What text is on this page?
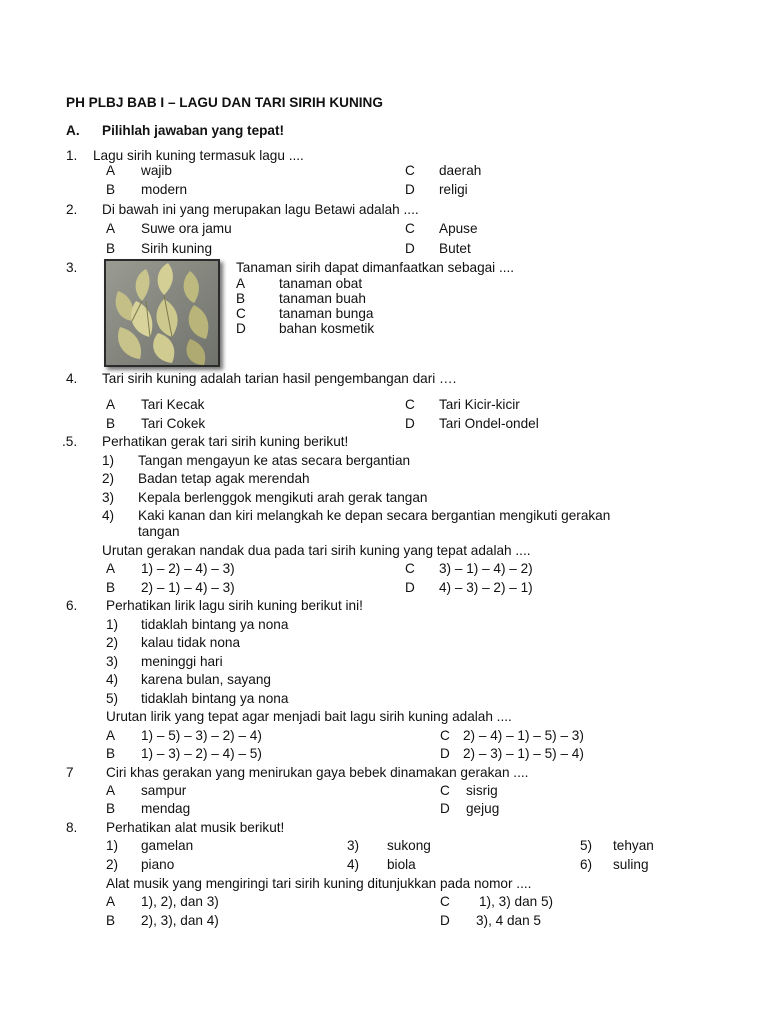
PH PLBJ BAB I – LAGU DAN TARI SIRIH KUNING
A. Pilihlah jawaban yang tepat!
1. Lagu sirih kuning termasuk lagu ....
A wajib
B modern
C daerah
D religi
2. Di bawah ini yang merupakan lagu Betawi adalah ....
A Suwe ora jamu
B Sirih kuning
C Apuse
D Butet
3.	Tanaman sirih dapat dimanfaatkan sebagai ....
A tanaman obat
B tanaman buah
C tanaman bunga
D bahan kosmetik
4. Tari sirih kuning adalah tarian hasil pengembangan dari ….
A Tari Kecak
B Tari Cokek
C Tari Kicir-kicir
D Tari Ondel-ondel
.5. Perhatikan gerak tari sirih kuning berikut!
1) Tangan mengayun ke atas secara bergantian
2) Badan tetap agak merendah
3) Kepala berlenggok mengikuti arah gerak tangan
4) Kaki kanan dan kiri melangkah ke depan secara bergantian mengikuti gerakan
tangan
Urutan gerakan nandak dua pada tari sirih kuning yang tepat adalah ....
A 1) – 2) – 4) – 3)
B 2) – 1) – 4) – 3)
C 3) – 1) – 4) – 2)
D 4) – 3) – 2) – 1)
6. Perhatikan lirik lagu sirih kuning berikut ini!
1) tidaklah bintang ya nona
2) kalau tidak nona
3) meninggi hari
4) karena bulan, sayang
5) tidaklah bintang ya nona
Urutan lirik yang tepat agar menjadi bait lagu sirih kuning adalah ....
A 1) – 5) – 3) – 2) – 4)
B 1) – 3) – 2) – 4) – 5)
C 2) – 4) – 1) – 5) – 3)
D 2) – 3) – 1) – 5) – 4)
7 Ciri khas gerakan yang menirukan gaya bebek dinamakan gerakan ....
A sampur
B mendag
C sisrig
D gejug
8. Perhatikan alat musik berikut!
1) gamelan
2) piano
3) sukong
4) biola
5) tehyan
6) suling
Alat musik yang mengiringi tari sirih kuning ditunjukkan pada nomor ....
A 1), 2), dan 3)
B 2), 3), dan 4)
C 1), 3) dan 5)
D 3), 4 dan 5
